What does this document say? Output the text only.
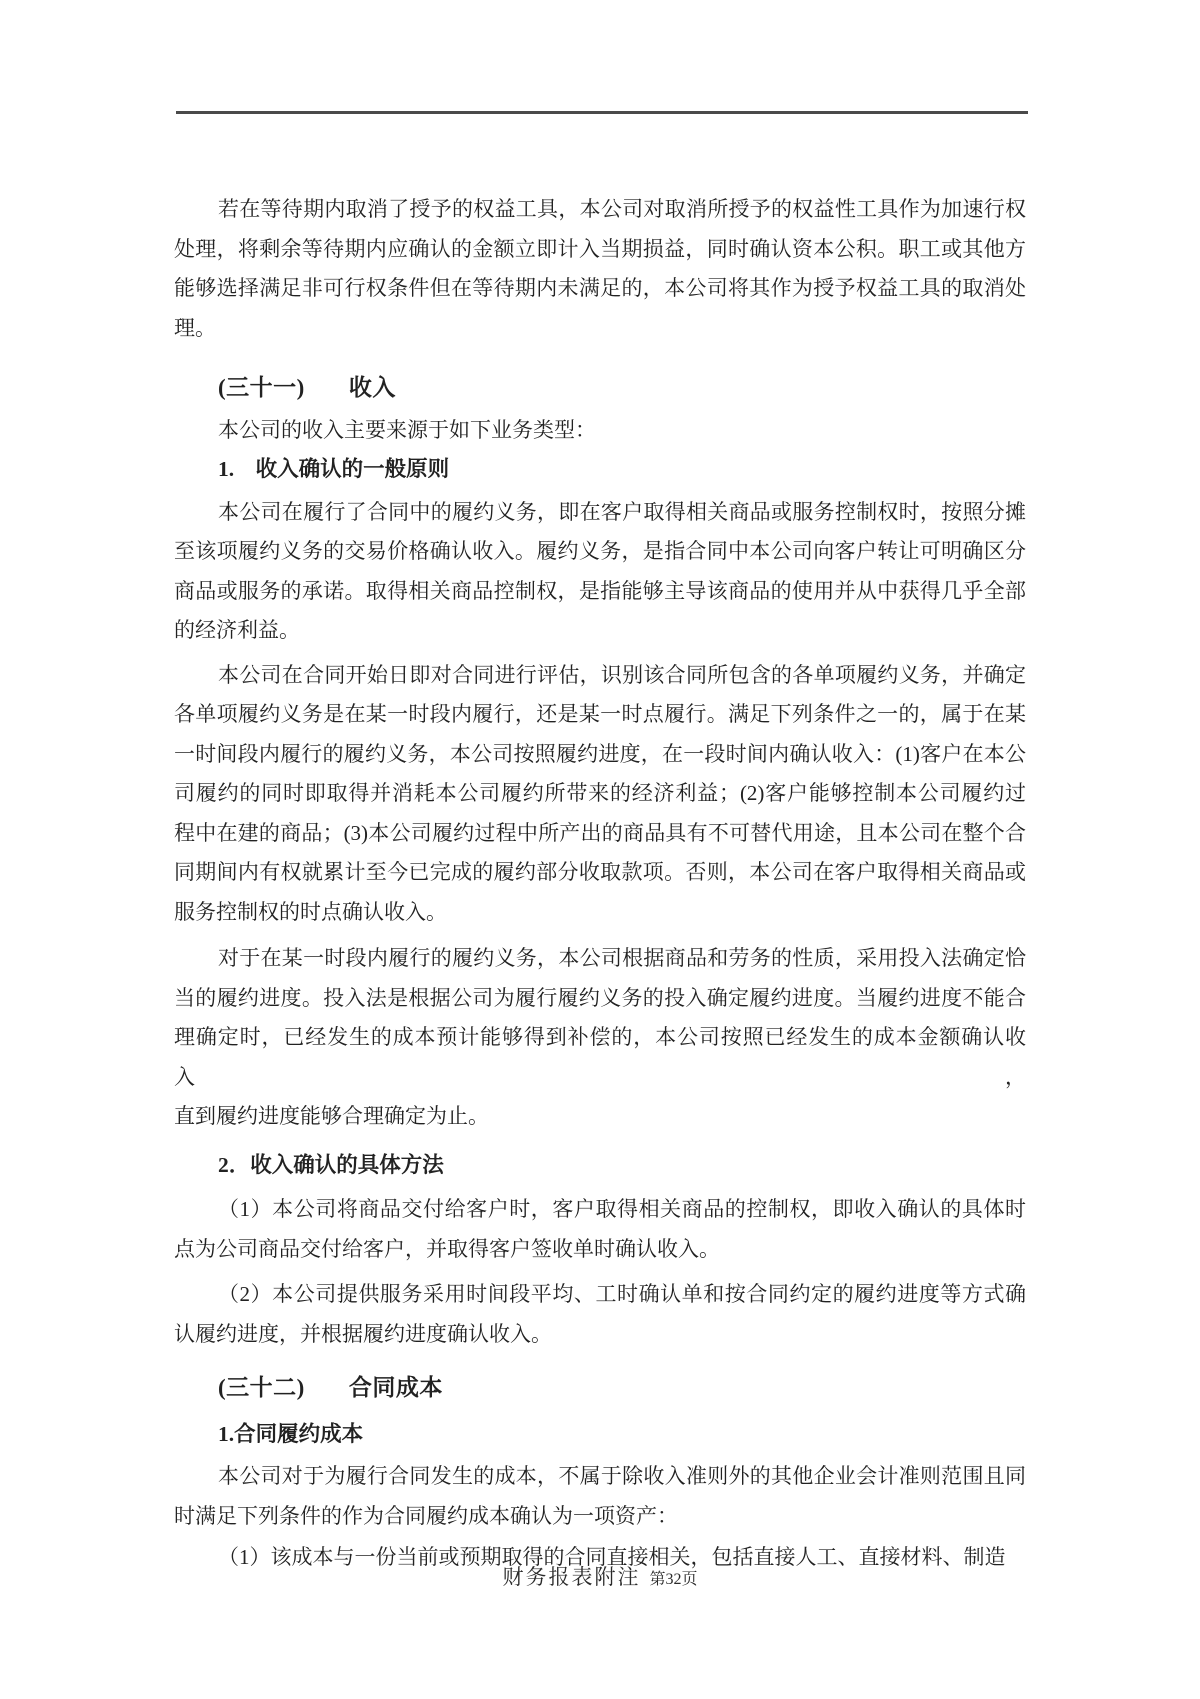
若在等待期内取消了授予的权益工具，本公司对取消所授予的权益性工具作为加速行权
处理，将剩余等待期内应确认的金额立即计入当期损益，同时确认资本公积。职工或其他方
能够选择满足非可行权条件但在等待期内未满足的，本公司将其作为授予权益工具的取消处
理。
(三十一) 收入
本公司的收入主要来源于如下业务类型：
1.　收入确认的一般原则
本公司在履行了合同中的履约义务，即在客户取得相关商品或服务控制权时，按照分摊
至该项履约义务的交易价格确认收入。履约义务，是指合同中本公司向客户转让可明确区分
商品或服务的承诺。取得相关商品控制权，是指能够主导该商品的使用并从中获得几乎全部
的经济利益。
本公司在合同开始日即对合同进行评估，识别该合同所包含的各单项履约义务，并确定
各单项履约义务是在某一时段内履行，还是某一时点履行。满足下列条件之一的，属于在某
一时间段内履行的履约义务，本公司按照履约进度，在一段时间内确认收入：(1)客户在本公
司履约的同时即取得并消耗本公司履约所带来的经济利益；(2)客户能够控制本公司履约过
程中在建的商品；(3)本公司履约过程中所产出的商品具有不可替代用途，且本公司在整个合
同期间内有权就累计至今已完成的履约部分收取款项。否则，本公司在客户取得相关商品或
服务控制权的时点确认收入。
对于在某一时段内履行的履约义务，本公司根据商品和劳务的性质，采用投入法确定恰
当的履约进度。投入法是根据公司为履行履约义务的投入确定履约进度。当履约进度不能合
理确定时，已经发生的成本预计能够得到补偿的，本公司按照已经发生的成本金额确认收入，
直到履约进度能够合理确定为止。
2．收入确认的具体方法
（1）本公司将商品交付给客户时，客户取得相关商品的控制权，即收入确认的具体时
点为公司商品交付给客户，并取得客户签收单时确认收入。
（2）本公司提供服务采用时间段平均、工时确认单和按合同约定的履约进度等方式确
认履约进度，并根据履约进度确认收入。
(三十二) 合同成本
1.合同履约成本
本公司对于为履行合同发生的成本，不属于除收入准则外的其他企业会计准则范围且同
时满足下列条件的作为合同履约成本确认为一项资产：
（1）该成本与一份当前或预期取得的合同直接相关，包括直接人工、直接材料、制造
财务报表附注 第32页
